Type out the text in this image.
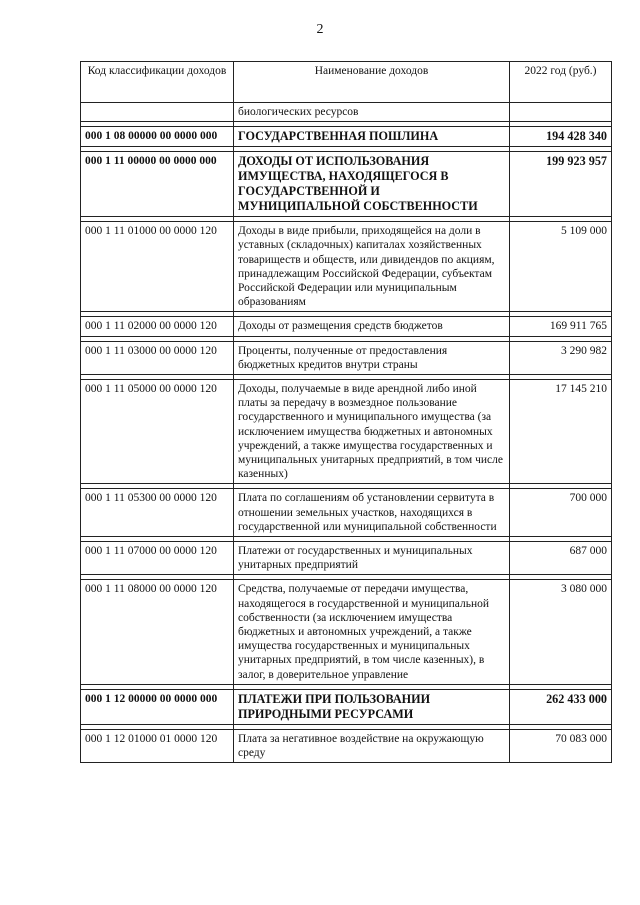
2
Код классификации доходов	Наименование доходов	2022 год (руб.)
	биологических ресурсов	

000 1 08 00000 00 0000 000	ГОСУДАРСТВЕННАЯ ПОШЛИНА	194 428 340

000 1 11 00000 00 0000 000	ДОХОДЫ ОТ ИСПОЛЬЗОВАНИЯ ИМУЩЕСТВА, НАХОДЯЩЕГОСЯ В ГОСУДАРСТВЕННОЙ И МУНИЦИПАЛЬНОЙ СОБСТВЕННОСТИ	199 923 957

000 1 11 01000 00 0000 120	Доходы в виде прибыли, приходящейся на доли в уставных (складочных) капиталах хозяйственных товариществ и обществ, или дивидендов по акциям, принадлежащим Российской Федерации, субъектам Российской Федерации или муниципальным образованиям	5 109 000

000 1 11 02000 00 0000 120	Доходы от размещения средств бюджетов	169 911 765

000 1 11 03000 00 0000 120	Проценты, полученные от предоставления бюджетных кредитов внутри страны	3 290 982

000 1 11 05000 00 0000 120	Доходы, получаемые в виде арендной либо иной платы за передачу в возмездное пользование государственного и муниципального имущества (за исключением имущества бюджетных и автономных учреждений, а также имущества государственных и муниципальных унитарных предприятий, в том числе казенных)	17 145 210

000 1 11 05300 00 0000 120	Плата по соглашениям об установлении сервитута в отношении земельных участков, находящихся в государственной или муниципальной собственности	700 000

000 1 11 07000 00 0000 120	Платежи от государственных и муниципальных унитарных предприятий	687 000

000 1 11 08000 00 0000 120	Средства, получаемые от передачи имущества, находящегося в государственной и муниципальной собственности (за исключением имущества бюджетных и автономных учреждений, а также имущества государственных и муниципальных унитарных предприятий, в том числе казенных), в залог, в доверительное управление	3 080 000

000 1 12 00000 00 0000 000	ПЛАТЕЖИ ПРИ ПОЛЬЗОВАНИИ ПРИРОДНЫМИ РЕСУРСАМИ	262 433 000

000 1 12 01000 01 0000 120	Плата за негативное воздействие на окружающую среду	70 083 000
